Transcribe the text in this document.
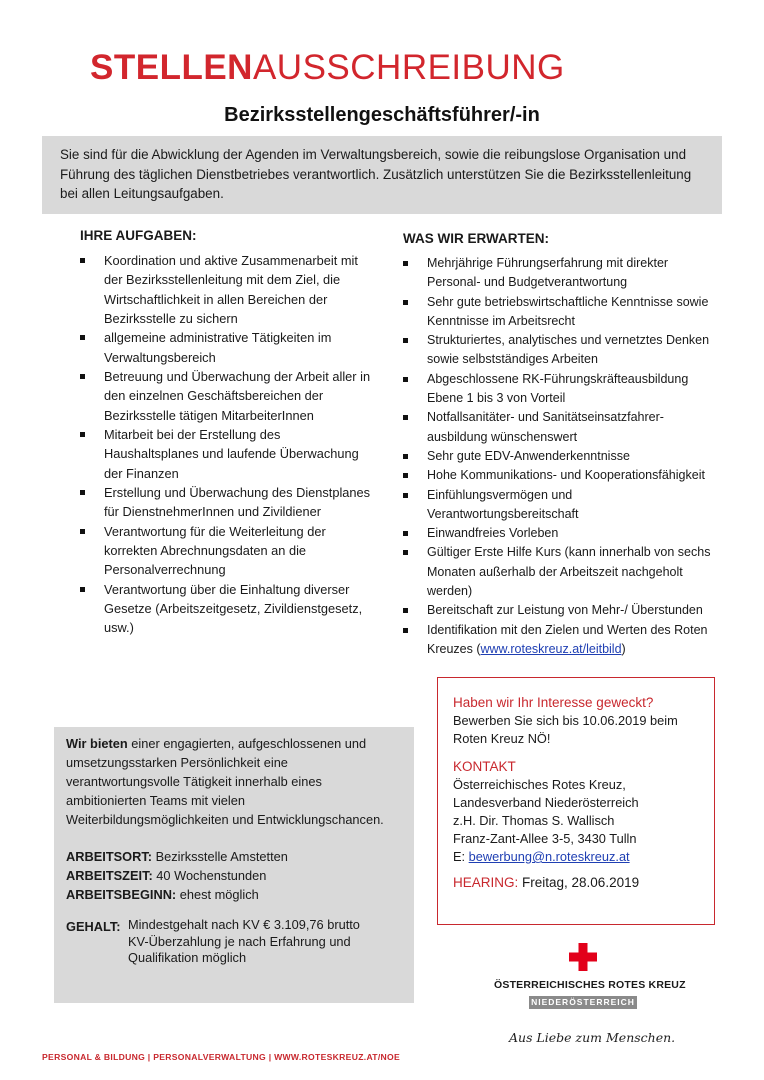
STELLENAUSSCHREIBUNG
Bezirksstellengeschäftsführer/-in
Sie sind für die Abwicklung der Agenden im Verwaltungsbereich, sowie die reibungslose Organisation und Führung des täglichen Dienstbetriebes verantwortlich. Zusätzlich unterstützen Sie die Bezirksstellenleitung bei allen Leitungsaufgaben.
IHRE AUFGABEN:
Koordination und aktive Zusammenarbeit mit der Bezirksstellenleitung mit dem Ziel, die Wirtschaftlichkeit in allen Bereichen der Bezirksstelle zu sichern
allgemeine administrative Tätigkeiten im Verwaltungsbereich
Betreuung und Überwachung der Arbeit aller in den einzelnen Geschäftsbereichen der Bezirksstelle tätigen MitarbeiterInnen
Mitarbeit bei der Erstellung des Haushaltsplanes und laufende Überwachung der Finanzen
Erstellung und Überwachung des Dienstplanes für DienstnehmerInnen und Zivildiener
Verantwortung für die Weiterleitung der korrekten Abrechnungsdaten an die Personalverrechnung
Verantwortung über die Einhaltung diverser Gesetze (Arbeitszeitgesetz, Zivildienstgesetz, usw.)
WAS WIR ERWARTEN:
Mehrjährige Führungserfahrung mit direkter Personal- und Budgetverantwortung
Sehr gute betriebswirtschaftliche Kenntnisse sowie Kenntnisse im Arbeitsrecht
Strukturiertes, analytisches und vernetztes Denken sowie selbstständiges Arbeiten
Abgeschlossene RK-Führungskräfteausbildung Ebene 1 bis 3 von Vorteil
Notfallsanitäter- und Sanitätseinsatzfahrer-ausbildung wünschenswert
Sehr gute EDV-Anwenderkenntnisse
Hohe Kommunikations- und Kooperationsfähigkeit
Einfühlungsvermögen und Verantwortungsbereitschaft
Einwandfreies Vorleben
Gültiger Erste Hilfe Kurs (kann innerhalb von sechs Monaten außerhalb der Arbeitszeit nachgeholt werden)
Bereitschaft zur Leistung von Mehr-/ Überstunden
Identifikation mit den Zielen und Werten des Roten Kreuzes (www.roteskreuz.at/leitbild)

Wir bieten einer engagierten, aufgeschlossenen und umsetzungsstarken Persönlichkeit eine verantwortungsvolle Tätigkeit innerhalb eines ambitionierten Teams mit vielen Weiterbildungsmöglichkeiten und Entwicklungschancen.

ARBEITSORT: Bezirksstelle Amstetten

ARBEITSZEIT: 40 Wochenstunden

ARBEITSBEGINN: ehest möglich

GEHALT: Mindestgehalt nach KV € 3.109,76 brutto
KV-Überzahlung je nach Erfahrung und Qualifikation möglich

Haben wir Ihr Interesse geweckt?

Bewerben Sie sich bis 10.06.2019 beim Roten Kreuz NÖ!

KONTAKT

Österreichisches Rotes Kreuz,

Landesverband Niederösterreich

z.H. Dir. Thomas S. Wallisch

Franz-Zant-Allee 3-5, 3430 Tulln

E: bewerbung@n.roteskreuz.at

HEARING: Freitag, 28.06.2019

ÖSTERREICHISCHES ROTES KREUZ
NIEDERÖSTERREICH
Aus Liebe zum Menschen.
PERSONAL & BILDUNG | PERSONALVERWALTUNG | WWW.ROTESKREUZ.AT/NOE
